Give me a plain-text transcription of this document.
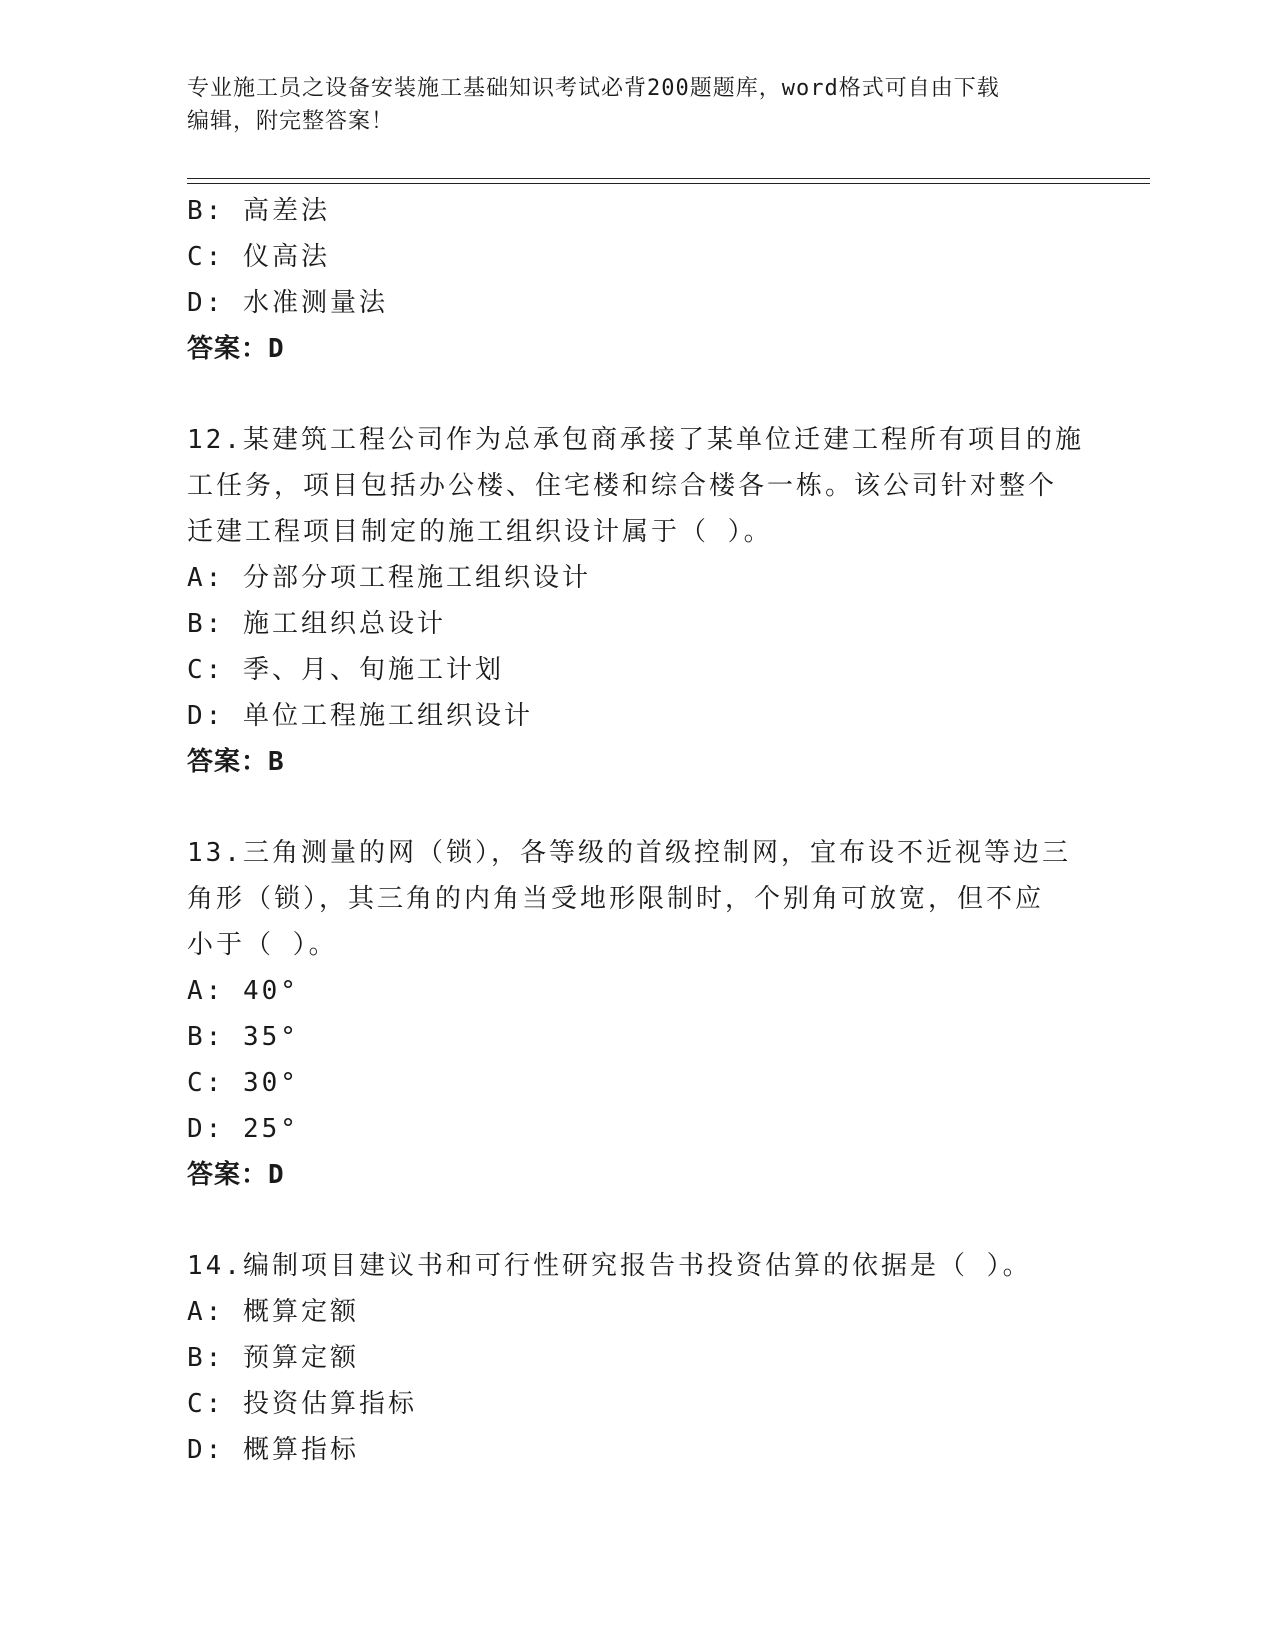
专业施工员之设备安装施工基础知识考试必背200题题库，word格式可自由下载
编辑，附完整答案！
B: 高差法
C: 仪高法
D: 水准测量法
答案：D
12.某建筑工程公司作为总承包商承接了某单位迁建工程所有项目的施
工任务，项目包括办公楼、住宅楼和综合楼各一栋。该公司针对整个
迁建工程项目制定的施工组织设计属于（ ）。
A: 分部分项工程施工组织设计
B: 施工组织总设计
C: 季、月、旬施工计划
D: 单位工程施工组织设计
答案：B
13.三角测量的网（锁），各等级的首级控制网，宜布设不近视等边三
角形（锁），其三角的内角当受地形限制时，个别角可放宽，但不应
小于（ ）。
A: 40°
B: 35°
C: 30°
D: 25°
答案：D
14.编制项目建议书和可行性研究报告书投资估算的依据是（ ）。
A: 概算定额
B: 预算定额
C: 投资估算指标
D: 概算指标
